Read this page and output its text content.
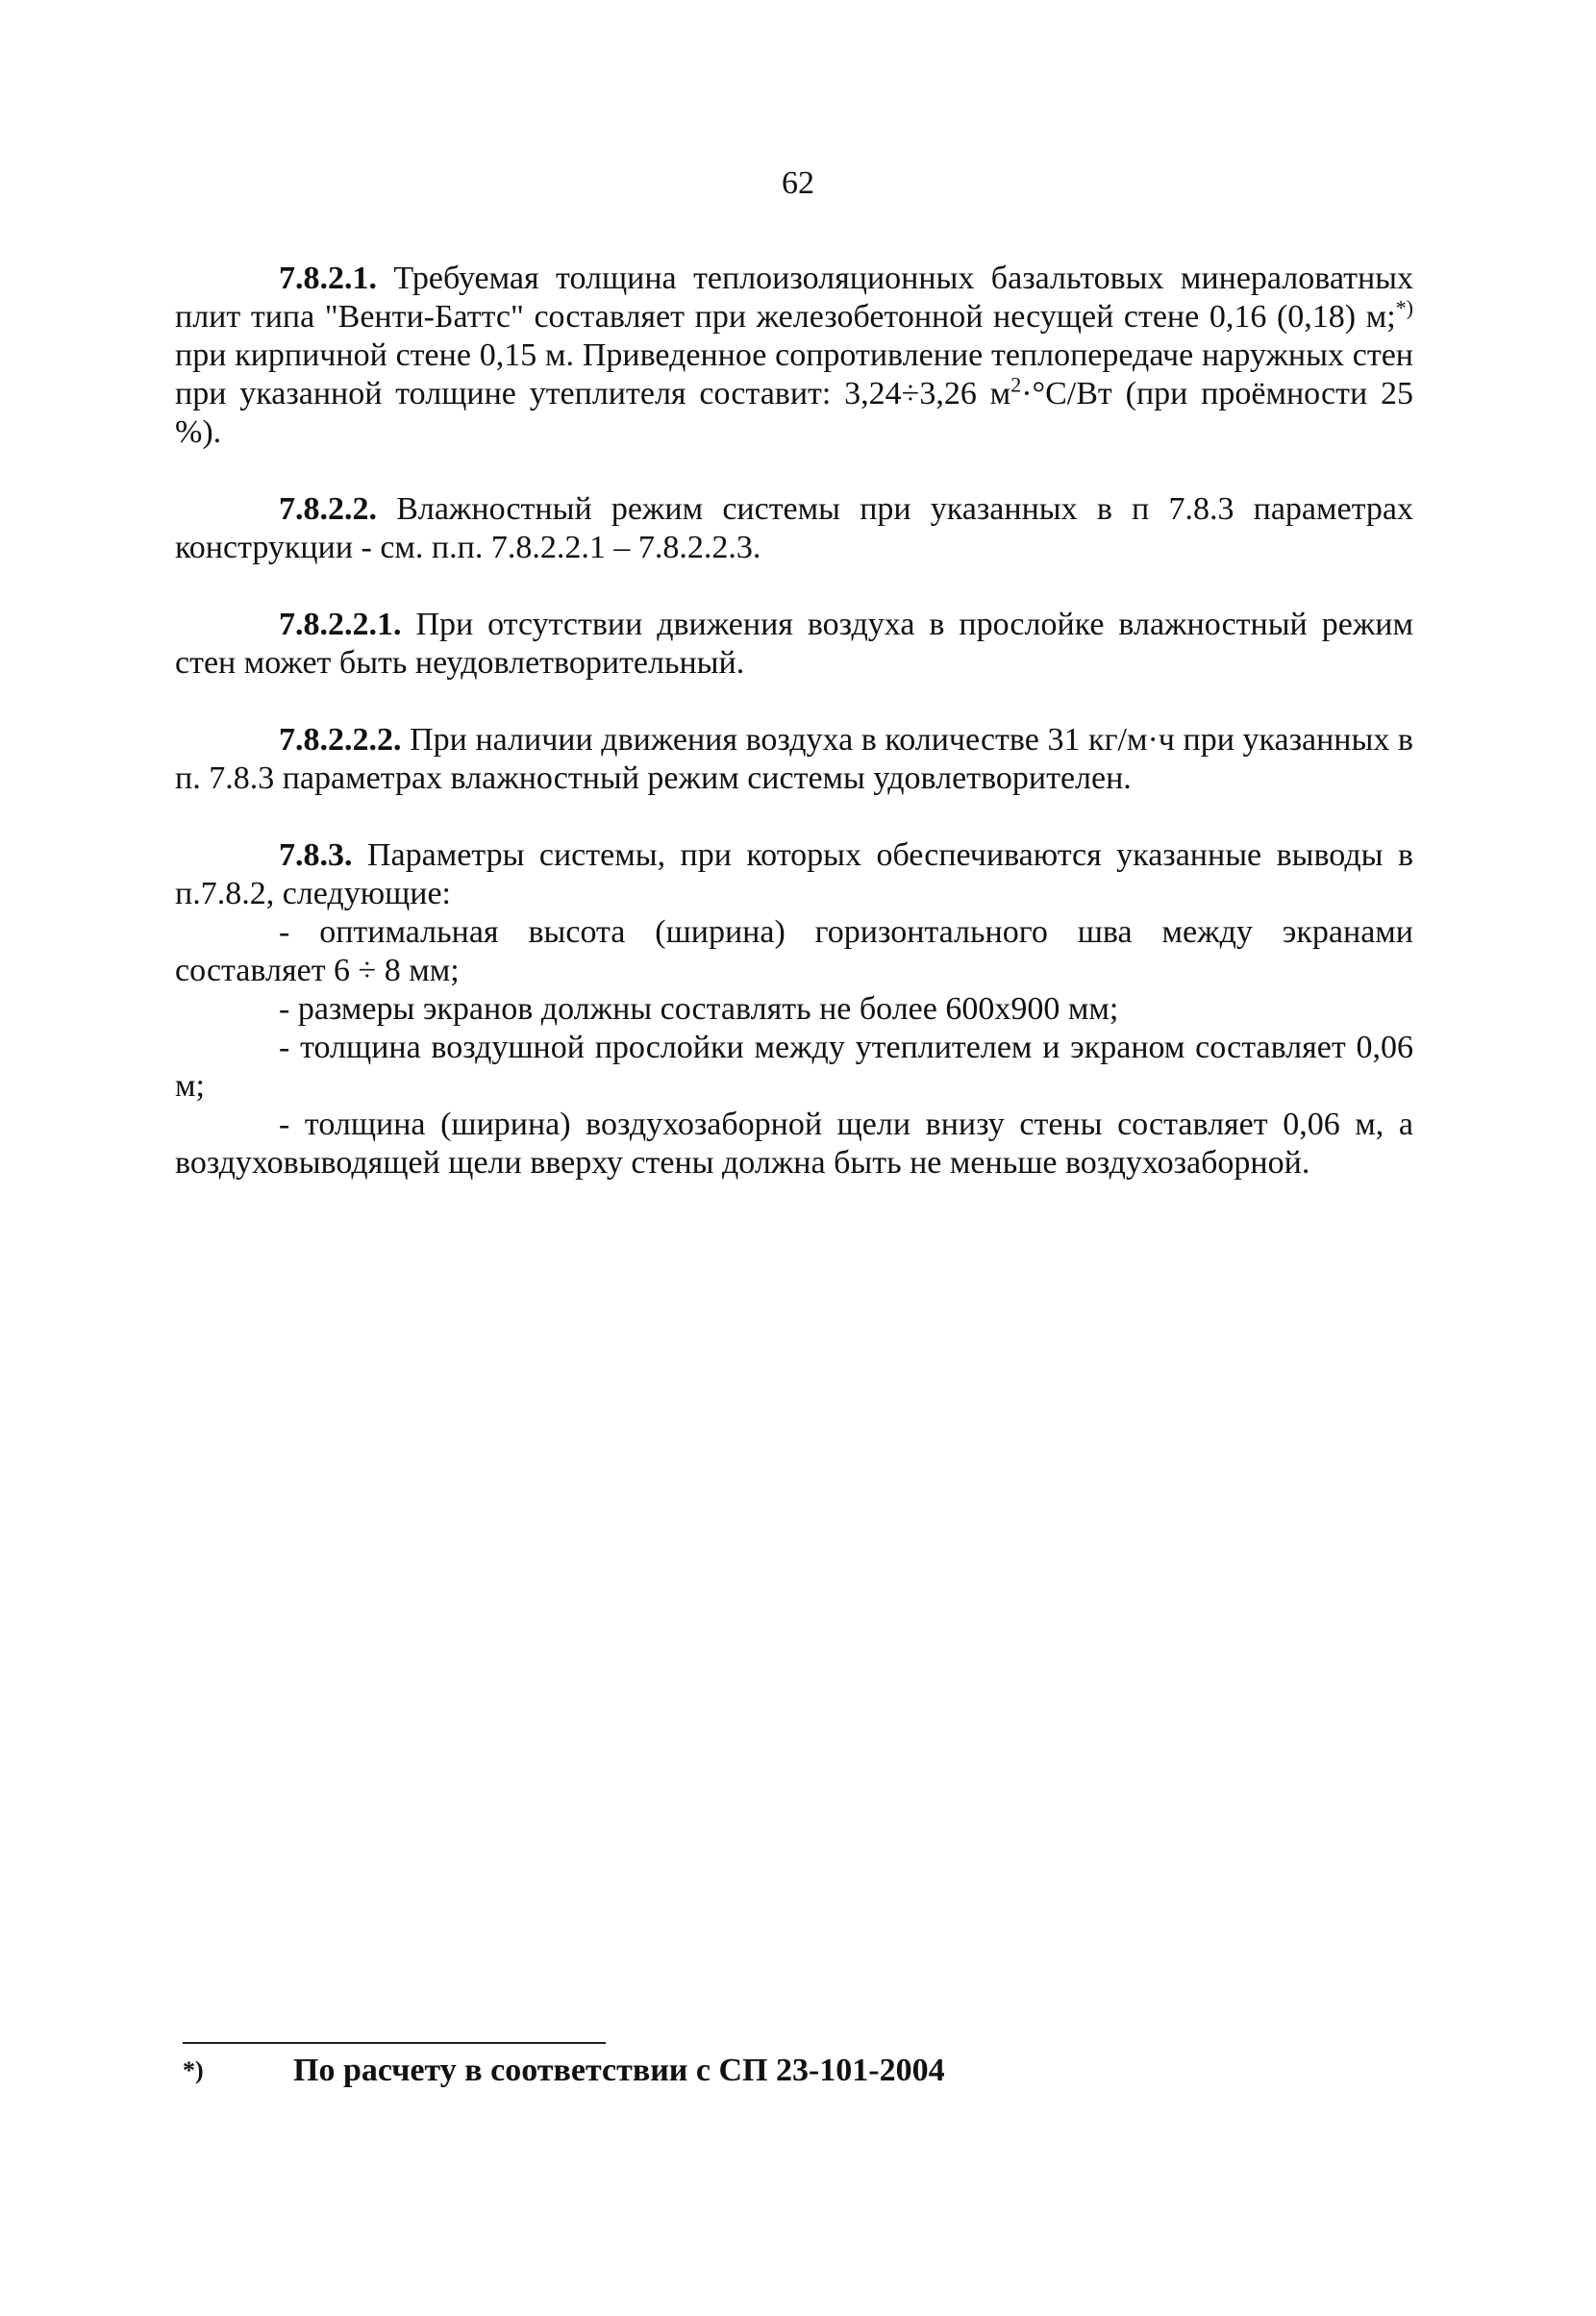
62

7.8.2.1. Требуемая толщина теплоизоляционных базальтовых минераловатных плит типа "Венти-Баттс" составляет при железобетонной несущей стене 0,16 (0,18) м;*) при кирпичной стене 0,15 м. Приведенное сопротивление теплопередаче наружных стен при указанной толщине утеплителя составит: 3,24÷3,26 $м^2\cdot^\circ С/Вт$ (при проёмности 25 %).

7.8.2.2. Влажностный режим системы при указанных в п 7.8.3 параметрах конструкции - см. п.п. 7.8.2.2.1 – 7.8.2.2.3.

7.8.2.2.1. При отсутствии движения воздуха в прослойке влажностный режим стен может быть неудовлетворительный.

7.8.2.2.2. При наличии движения воздуха в количестве 31 кг/м·ч при указанных в п. 7.8.3 параметрах влажностный режим системы удовлетворителен.

7.8.3. Параметры системы, при которых обеспечиваются указанные выводы в п.7.8.2, следующие:

- оптимальная высота (ширина) горизонтального шва между экранами составляет 6 ÷ 8 мм;

- размеры экранов должны составлять не более 600х900 мм;

- толщина воздушной прослойки между утеплителем и экраном составляет 0,06 м;

- толщина (ширина) воздухозаборной щели внизу стены составляет 0,06 м, а воздуховыводящей щели вверху стены должна быть не меньше воздухозаборной.

*)	По расчету в соответствии с СП 23-101-2004
